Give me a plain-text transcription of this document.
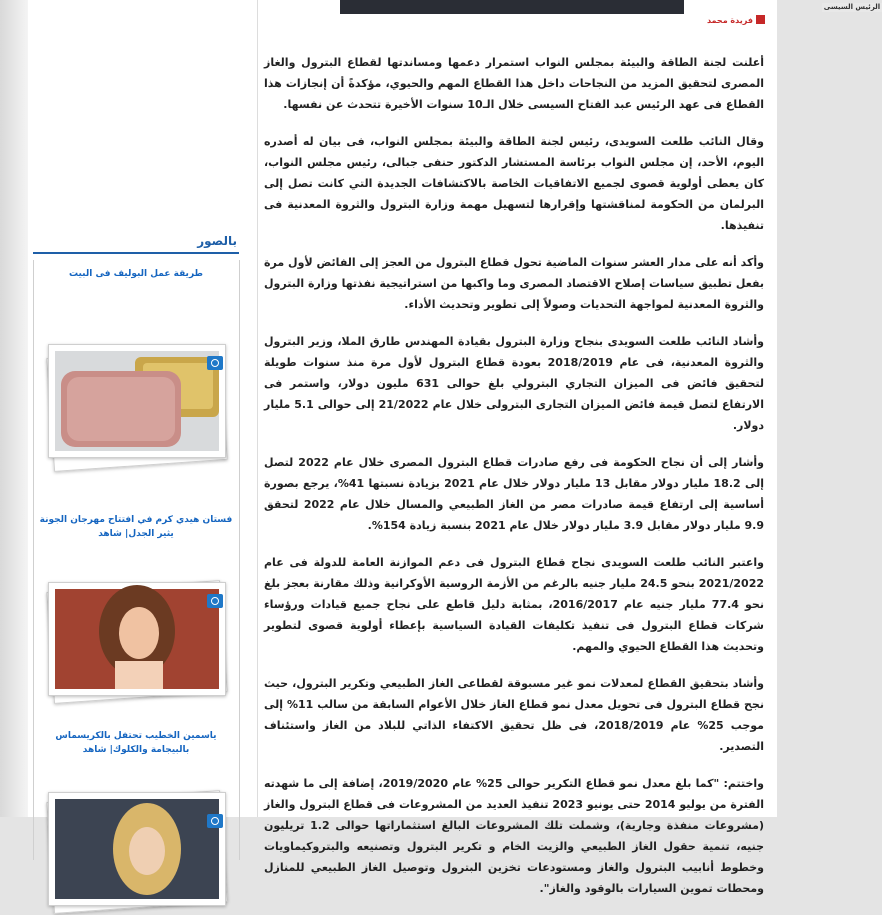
الرئيس السيسى
فريدة محمد

أعلنت لجنة الطاقة والبيئة بمجلس النواب استمرار دعمها ومساندتها لقطاع البترول والغاز المصرى لتحقيق المزيد من النجاحات داخل هذا القطاع المهم والحيوي، مؤكدةً أن إنجازات هذا القطاع فى عهد الرئيس عبد الفتاح السيسى خلال الـ10 سنوات الأخيرة تتحدث عن نفسها.

وقال النائب طلعت السويدى، رئيس لجنة الطاقة والبيئة بمجلس النواب، فى بيان له أصدره اليوم، الأحد، إن مجلس النواب برئاسة المستشار الدكتور حنفى جبالى، رئيس مجلس النواب، كان يعطى أولوية قصوى لجميع الاتفاقيات الخاصة بالاكتشافات الجديدة التي كانت تصل إلى البرلمان من الحكومة لمناقشتها وإقرارها لتسهيل مهمة وزارة البترول والثروة المعدنية فى تنفيذها.

وأكد أنه على مدار العشر سنوات الماضية تحول قطاع البترول من العجز إلى الفائض لأول مرة بفعل تطبيق سياسات إصلاح الاقتصاد المصرى وما واكبها من استراتيجية نفذتها وزارة البترول والثروة المعدنية لمواجهة التحديات وصولاً إلى تطوير وتحديث الأداء.

وأشاد النائب طلعت السويدى بنجاح وزارة البترول بقيادة المهندس طارق الملا، وزير البترول والثروة المعدنية، فى عام 2018/2019 بعودة قطاع البترول لأول مرة منذ سنوات طويلة لتحقيق فائض فى الميزان التجاري البترولي بلغ حوالى 631 مليون دولار، واستمر فى الارتفاع لتصل قيمة فائض الميزان التجارى البترولى خلال عام 21/2022 إلى حوالى 5.1 مليار دولار.

وأشار إلى أن نجاح الحكومة فى رفع صادرات قطاع البترول المصرى خلال عام 2022 لتصل إلى 18.2 مليار دولار مقابل 13 مليار دولار خلال عام 2021 بزيادة نسبتها 41%، يرجع بصورة أساسية إلى ارتفاع قيمة صادرات مصر من الغاز الطبيعي والمسال خلال عام 2022 لتحقق 9.9 مليار دولار مقابل 3.9 مليار دولار خلال عام 2021 بنسبة زيادة 154%.

واعتبر النائب طلعت السويدى نجاح قطاع البترول فى دعم الموازنة العامة للدولة فى عام 2021/2022 بنحو 24.5 مليار جنيه بالرغم من الأزمة الروسية الأوكرانية وذلك مقارنة بعجز بلغ نحو 77.4 مليار جنيه عام 2016/2017، بمثابة دليل قاطع على نجاح جميع قيادات ورؤساء شركات قطاع البترول فى تنفيذ تكليفات القيادة السياسية بإعطاء أولوية قصوى لتطوير وتحديث هذا القطاع الحيوي والمهم.

وأشاد بتحقيق القطاع لمعدلات نمو غير مسبوقة لقطاعى الغاز الطبيعي وتكرير البترول، حيث نجح قطاع البترول فى تحويل معدل نمو قطاع الغاز خلال الأعوام السابقة من سالب 11% إلى موجب 25% عام 2018/2019، فى ظل تحقيق الاكتفاء الذاتي للبلاد من الغاز واستئناف التصدير.

واختتم: "كما بلغ معدل نمو قطاع التكرير حوالى 25% عام 2019/2020، إضافة إلى ما شهدته الفترة من يوليو 2014 حتى يونيو 2023 تنفيذ العديد من المشروعات فى قطاع البترول والغاز (مشروعات منفذة وجارية)، وشملت تلك المشروعات البالغ استثماراتها حوالى 1.2 تريليون جنيه، تنمية حقول الغاز الطبيعي والزيت الخام و تكرير البترول وتصنيعه والبتروكيماويات وخطوط أنابيب البترول والغاز ومستودعات تخزين البترول وتوصيل الغاز الطبيعي للمنازل ومحطات تموين السيارات بالوقود والغاز".

بالصور
طريقة عمل البوليف فى البيت
فستان هيدي كرم في افتتاح مهرجان الجونة يثير الجدل| شاهد
ياسمين الخطيب تحتفل بالكريسماس بالبيجامة والكلوك| شاهد
